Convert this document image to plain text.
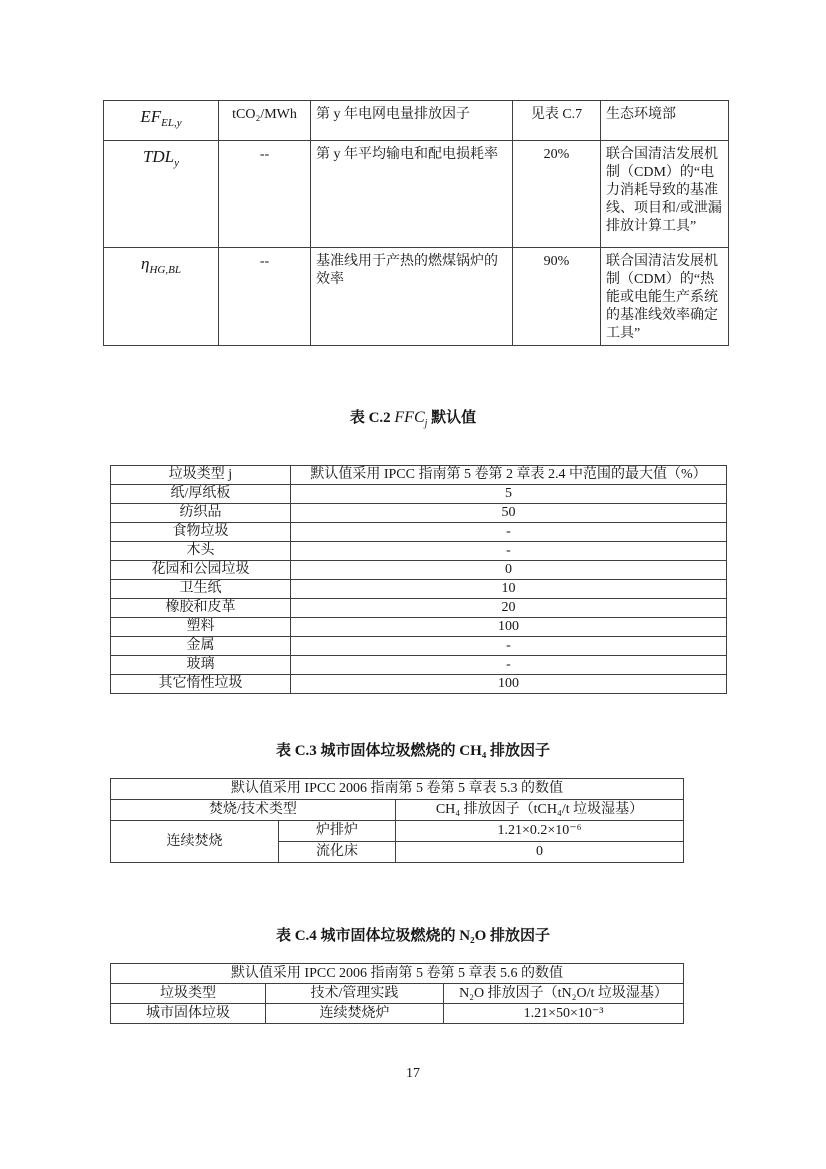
$EF_{EL,y}$	tCO₂/MWh	第 y 年电网电量排放因子	见表 C.7	生态环境部
$TDL_y$	--	第 y 年平均输电和配电损耗率	20%	联合国清洁发展机制（CDM）的“电力消耗导致的基准线、项目和/或泄漏排放计算工具”
$\eta_{HG,BL}$	--	基准线用于产热的燃煤锅炉的效率	90%	联合国清洁发展机制（CDM）的“热能或电能生产系统的基准线效率确定工具”
表 C.2 $FFC_j$ 默认值
垃圾类型 j	默认值采用 IPCC 指南第 5 卷第 2 章表 2.4 中范围的最大值（%）
纸/厚纸板	5
纺织品	50
食物垃圾	-
木头	-
花园和公园垃圾	0
卫生纸	10
橡胶和皮革	20
塑料	100
金属	-
玻璃	-
其它惰性垃圾	100
表 C.3 城市固体垃圾燃烧的 CH₄ 排放因子
默认值采用 IPCC 2006 指南第 5 卷第 5 章表 5.3 的数值		
焚烧/技术类型		CH₄ 排放因子（tCH₄/t 垃圾湿基）
连续焚烧	炉排炉	1.21×0.2×10⁻⁶
	流化床	0
表 C.4 城市固体垃圾燃烧的 N₂O 排放因子
默认值采用 IPCC 2006 指南第 5 卷第 5 章表 5.6 的数值		
垃圾类型	技术/管理实践	N₂O 排放因子（tN₂O/t 垃圾湿基）
城市固体垃圾	连续焚烧炉	1.21×50×10⁻³
17
